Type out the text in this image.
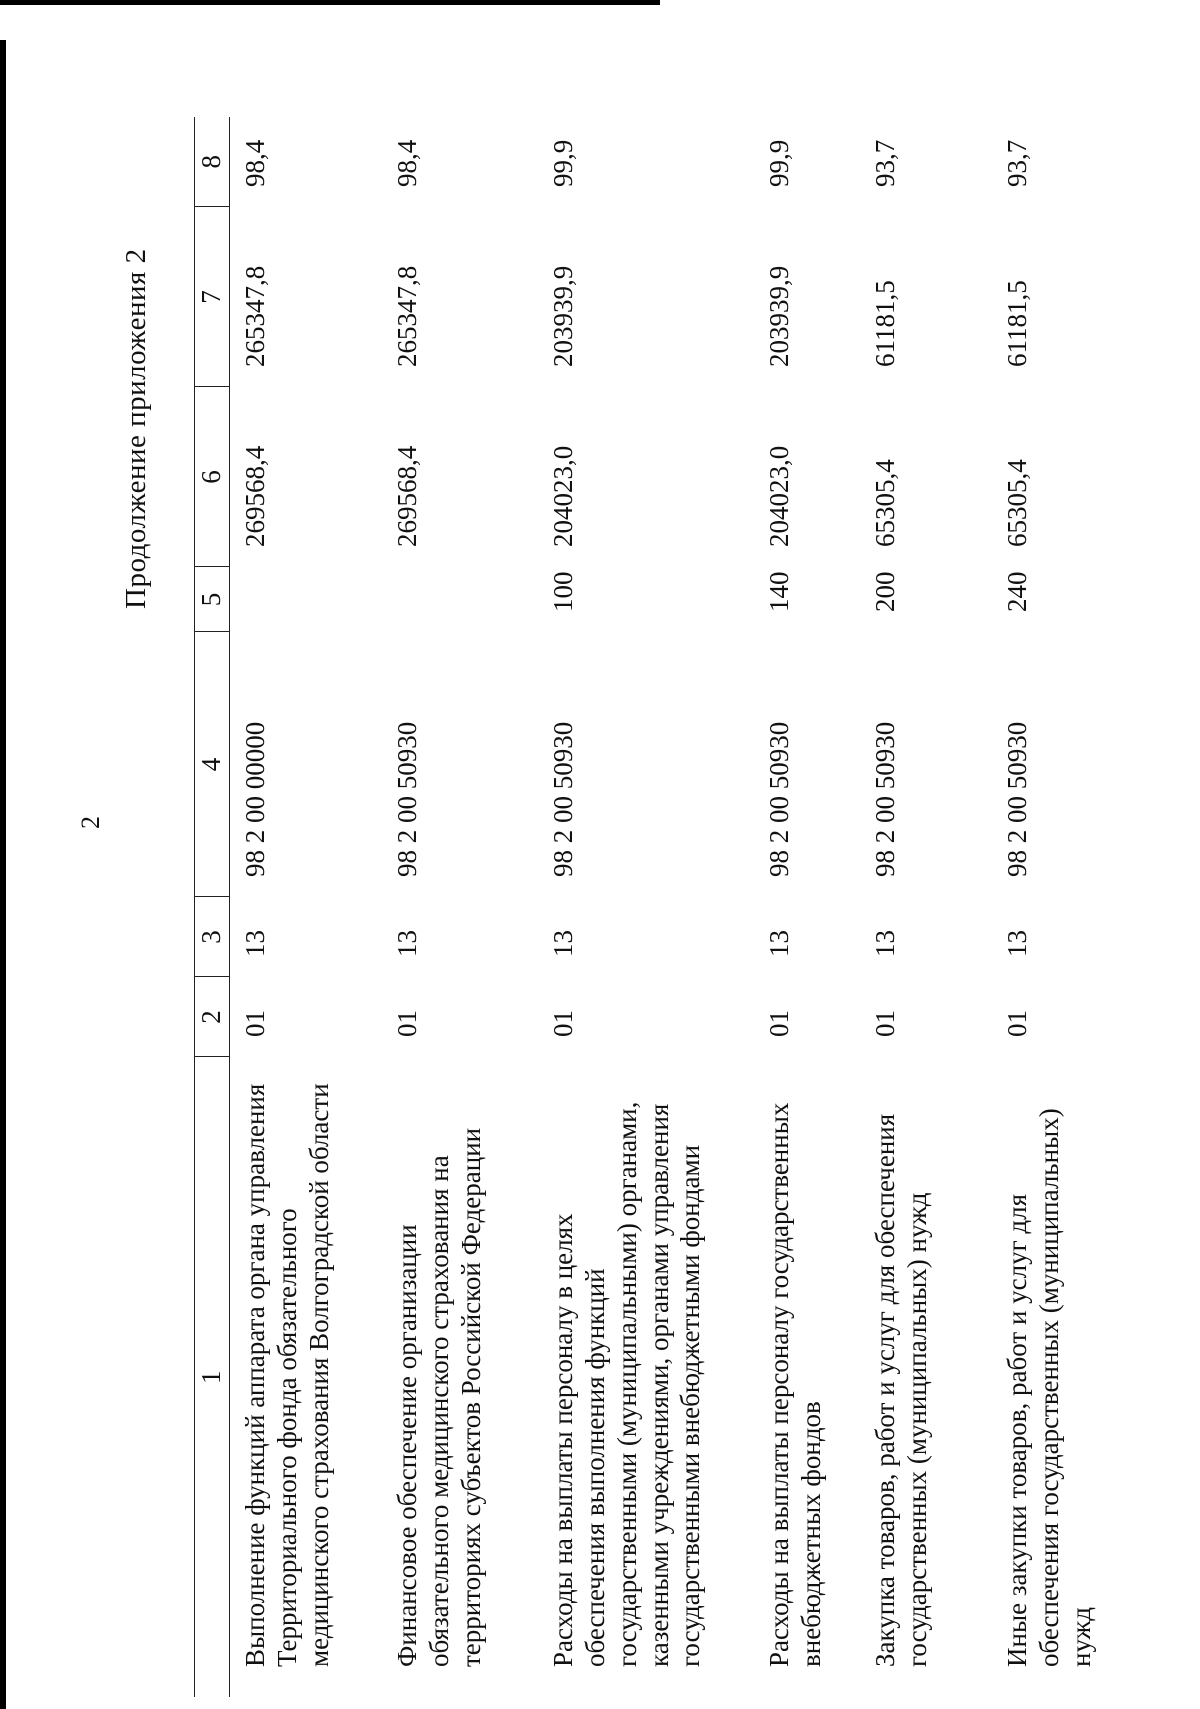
2
Продолжение приложения 2
1	2	3	4	5	6	7	8
Выполнение функций аппарата органа управления Территориального фонда обязательного медицинского страхования Волгоградской области	01	13	98 2 00 00000		269568,4	265347,8	98,4
Финансовое обеспечение организации обязательного медицинского страхования на территориях субъектов Российской Федерации	01	13	98 2 00 50930		269568,4	265347,8	98,4
Расходы на выплаты персоналу в целях обеспечения выполнения функций государственными (муниципальными) органами, казенными учреждениями, органами управления государственными внебюджетными фондами	01	13	98 2 00 50930	100	204023,0	203939,9	99,9
Расходы на выплаты персоналу государственных внебюджетных фондов	01	13	98 2 00 50930	140	204023,0	203939,9	99,9
Закупка товаров, работ и услуг для обеспечения государственных (муниципальных) нужд	01	13	98 2 00 50930	200	65305,4	61181,5	93,7
Иные закупки товаров, работ и услуг для обеспечения государственных (муниципальных) нужд	01	13	98 2 00 50930	240	65305,4	61181,5	93,7
